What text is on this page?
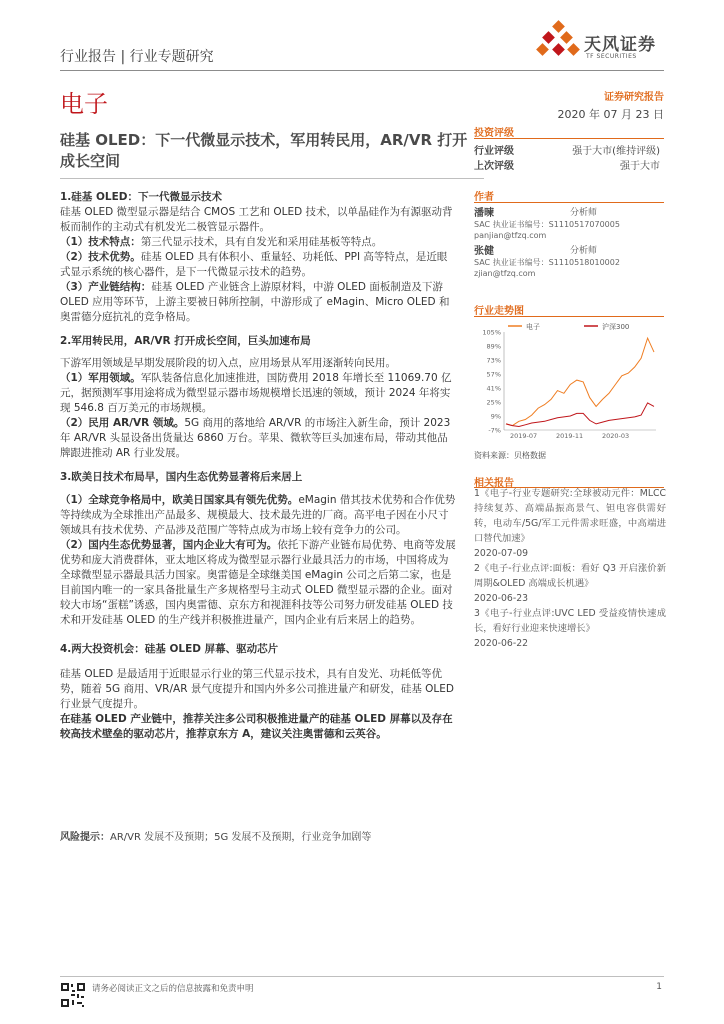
行业报告 | 行业专题研究
天风证券
TF SECURITIES
电子	证券研究报告
2020 年 07 月 23 日
硅基 OLED：下一代微显示技术，军用转民用，AR/VR 打开成长空间

1.硅基 OLED：下一代微显示技术

硅基 OLED 微型显示器是结合 CMOS 工艺和 OLED 技术，以单晶硅作为有源驱动背板而制作的主动式有机发光二极管显示器件。

（1）技术特点：第三代显示技术，具有自发光和采用硅基板等特点。

（2）技术优势。硅基 OLED 具有体积小、重量轻、功耗低、PPI 高等特点，是近眼式显示系统的核心器件，是下一代微显示技术的趋势。

（3）产业链结构：硅基 OLED 产业链含上游原材料，中游 OLED 面板制造及下游 OLED 应用等环节，上游主要被日韩所控制，中游形成了 eMagin、Micro OLED 和奥雷德分庭抗礼的竞争格局。

2.军用转民用，AR/VR 打开成长空间，巨头加速布局

下游军用领域是早期发展阶段的切入点，应用场景从军用逐渐转向民用。

（1）军用领域。军队装备信息化加速推进，国防费用 2018 年增长至 11069.70 亿元，据预测军事用途将成为微型显示器市场规模增长迅速的领域，预计 2024 年将实现 546.8 百万美元的市场规模。

（2）民用 AR/VR 领域。5G 商用的落地给 AR/VR 的市场注入新生命，预计 2023 年 AR/VR 头显设备出货量达 6860 万台。苹果、微软等巨头加速布局，带动其他品牌跟进推动 AR 行业发展。

3.欧美日技术布局早，国内生态优势显著将后来居上

（1）全球竞争格局中，欧美日国家具有领先优势。eMagin 借其技术优势和合作优势等持续成为全球推出产品最多、规模最大、技术最先进的厂商。高平电子因在小尺寸领域具有技术优势、产品涉及范围广等特点成为市场上较有竞争力的公司。

（2）国内生态优势显著，国内企业大有可为。依托下游产业链布局优势、电商等发展优势和庞大消费群体，亚太地区将成为微型显示器行业最具活力的市场，中国将成为全球微型显示器最具活力国家。奥雷德是全球继美国 eMagin 公司之后第二家，也是目前国内唯一的一家具备批量生产多规格型号主动式 OLED 微型显示器的企业。面对较大市场“蛋糕”诱惑，国内奥雷德、京东方和视涯科技等公司努力研发硅基 OLED 技术和开发硅基 OLED 的生产线并积极推进量产，国内企业有后来居上的趋势。

4.两大投资机会：硅基 OLED 屏幕、驱动芯片

硅基 OLED 是最适用于近眼显示行业的第三代显示技术，具有自发光、功耗低等优势，随着 5G 商用、VR/AR 景气度提升和国内外多公司推进量产和研发，硅基 OLED 行业景气度提升。

在硅基 OLED 产业链中，推荐关注多公司积极推进量产的硅基 OLED 屏幕以及存在较高技术壁垒的驱动芯片，推荐京东方 A，建议关注奥雷德和云英谷。

风险提示：AR/VR 发展不及预期；5G 发展不及预期，行业竞争加剧等
投资评级
行业评级	强于大市(维持评级)
上次评级	强于大市
作者
潘暕	分析师
SAC 执业证书编号：S1110517070005
panjian@tfzq.com
张健	分析师
SAC 执业证书编号：S1110518010002
zjian@tfzq.com
行业走势图
电子	沪深300
105%
89%
73%
57%
41%
25%
9%
-7%
2019-07	2019-11	2020-03
资料来源：贝格数据
相关报告

1《电子-行业专题研究:全球被动元件：MLCC 持续复苏、高端晶振高景气、钽电容供需好转，电动车/5G/军工元件需求旺盛，中高端进口替代加速》

2020-07-09

2《电子-行业点评:面板：看好 Q3 开启涨价新周期&OLED 高端成长机遇》

2020-06-23

3《电子-行业点评:UVC LED 受益疫情快速成长，看好行业迎来快速增长》

2020-06-22

请务必阅读正文之后的信息披露和免责申明	1
